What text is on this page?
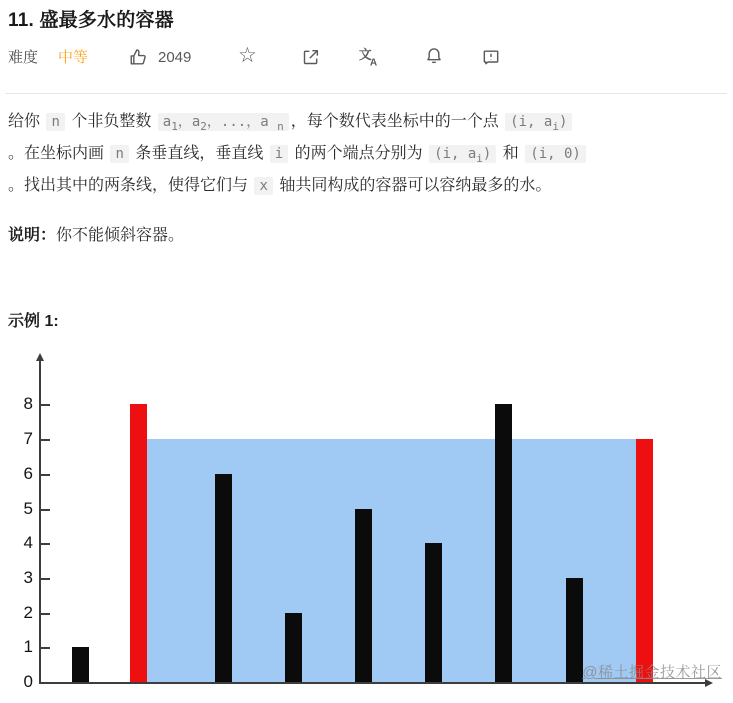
11. 盛最多水的容器
难度 中等	2049 ☆	文
A
给你 n 个非负整数 $a_1$，$a_2$，...，a $_n$ ，每个数代表坐标中的一个点 (i, $a_i$)
。在坐标内画 n 条垂直线，垂直线 i 的两个端点分别为 (i, $a_i$) 和 (i, 0)
。找出其中的两条线，使得它们与 x 轴共同构成的容器可以容纳最多的水。
说明：你不能倾斜容器。
示例 1:
0
1
2
3
4
5
6
7
8
@稀土掘金技术社区
